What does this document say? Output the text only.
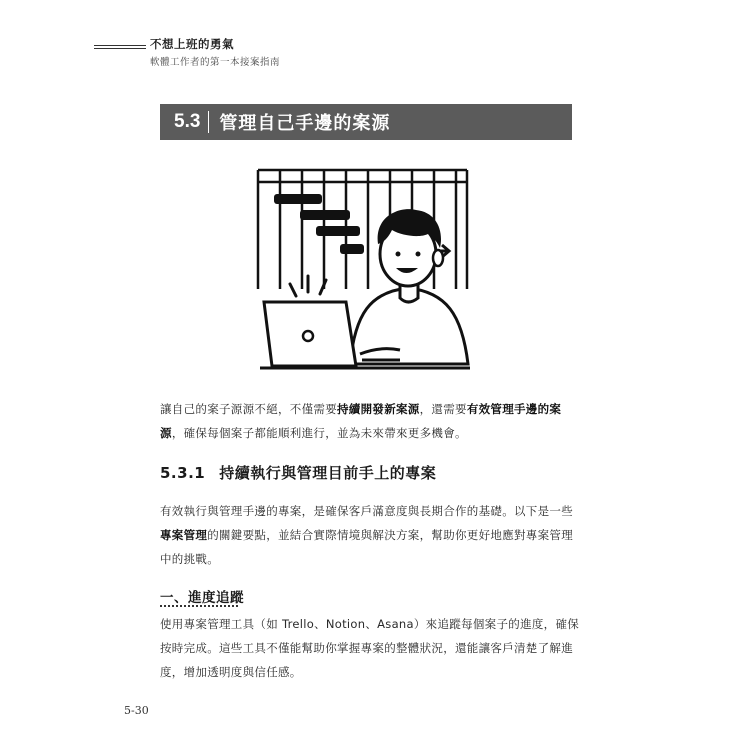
不想上班的勇氣
軟體工作者的第一本接案指南
5.3 管理自己手邊的案源
讓自己的案子源源不絕，不僅需要持續開發新案源，還需要有效管理手邊的案源，確保每個案子都能順利進行，並為未來帶來更多機會。
5.3.1 持續執行與管理目前手上的專案
有效執行與管理手邊的專案，是確保客戶滿意度與長期合作的基礎。以下是一些專案管理的關鍵要點，並結合實際情境與解決方案，幫助你更好地應對專案管理中的挑戰。
一、進度追蹤
使用專案管理工具（如 Trello、Notion、Asana）來追蹤每個案子的進度，確保按時完成。這些工具不僅能幫助你掌握專案的整體狀況，還能讓客戶清楚了解進度，增加透明度與信任感。
5-30
